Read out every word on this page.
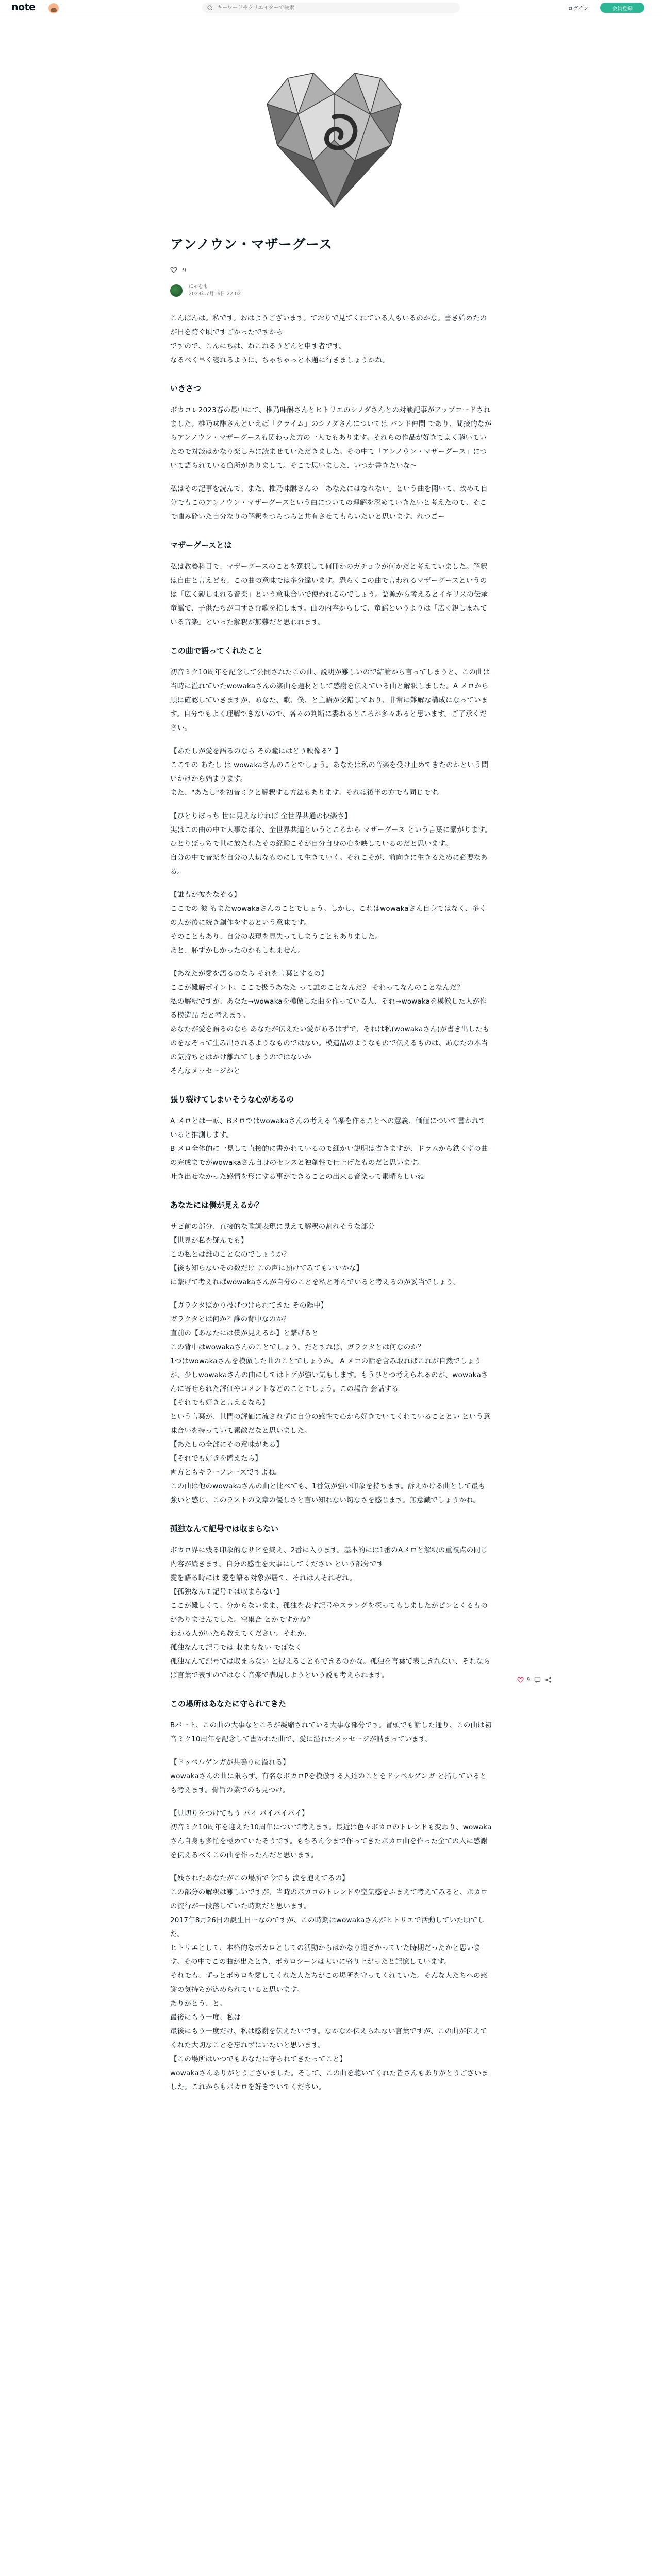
note
キーワードやクリエイターで検索	ログイン	会員登録
アンノウン・マザーグース
9
にゃむも
2023年7月16日 22:02
こんばんは。私です。おはようございます。ておりで見てくれている人もいるのかな。書き始めたのが日を跨ぐ頃ですごかったですから
ですので、こんにちは、ねこねるうどんと申す者です。
なるべく早く寝れるように、ちゃちゃっと本題に行きましょうかね。
いきさつ
ボカコレ2023春の最中にて、椎乃味醂さんとヒトリエのシノダさんとの対談記事がアップロードされました。椎乃味醂さんといえば「クライム」のシノダさんについては バンド仲間 であり、間接的ながらアンノウン・マザーグースも関わった方の一人でもあります。それらの作品が好きでよく聴いていたので対談はかなり楽しみに読ませていただきました。その中で「アンノウン・マザーグース」について語られている箇所がありまして。そこで思いました、いつか書きたいな〜
私はその記事を読んで、また、椎乃味醂さんの「あなたにはなれない」という曲を聞いて、改めて自分でもこのアンノウン・マザーグースという曲についての理解を深めていきたいと考えたので、そこで噛み砕いた自分なりの解釈をつらつらと共有させてもらいたいと思います。れつごー
マザーグースとは
私は教養科目で、マザーグースのことを選択して何冊かのガチョウが何かだと考えていました。解釈は自由と言えども、この曲の意味では多分違います。恐らくこの曲で言われるマザーグースというのは「広く親しまれる音楽」という意味合いで使われるのでしょう。語源から考えるとイギリスの伝承童謡で、子供たちが口ずさむ歌を指します。曲の内容からして、童謡というよりは「広く親しまれている音楽」といった解釈が無難だと思われます。
この曲で語ってくれたこと
初音ミク10周年を記念して公開されたこの曲、説明が難しいので結論から言ってしまうと、この曲は当時に溢れていたwowakaさんの楽曲を題材として感謝を伝えている曲と解釈しました。A メロから順に確認していきますが、あなた、歌、僕、と主語が交錯しており、非常に難解な構成になっています。自分でもよく理解できないので、各々の判断に委ねるところが多々あると思います。ご了承ください。
【あたしが愛を語るのなら その瞳にはどう映像る？】
ここでの あたし は wowakaさんのことでしょう。あなたは私の音楽を受け止めてきたのかという問いかけから始まります。
また、"あたし"を初音ミクと解釈する方法もあります。それは後半の方でも同じです。
【ひとりぼっち 世に見えなければ 全世界共通の快楽さ】
実はこの曲の中で大事な部分、全世界共通というところから マザーグース という言葉に繋がります。ひとりぼっちで世に放たれたその経験こそが自分自身の心を映しているのだと思います。
自分の中で音楽を自分の大切なものにして生きていく。それこそが、前向きに生きるために必要なある。
【誰もが彼をなぞる】
ここでの 彼 もまたwowakaさんのことでしょう。しかし、これはwowakaさん自身ではなく、多くの人が後に続き創作をするという意味です。
そのこともあり、自分の表現を見失ってしまうこともありました。
あと、恥ずかしかったのかもしれません。
【あなたが愛を語るのなら それを言葉とするの】
ここが難解ポイント。ここで扱うあなた って誰のことなんだ？ それってなんのことなんだ？
私の解釈ですが、あなた→wowakaを模倣した曲を作っている人、それ→wowakaを模倣した人が作る模造品 だと考えます。
あなたが愛を語るのなら あなたが伝えたい愛があるはずで、それは私(wowakaさん)が書き出したものをなぞって生み出されるようなものではない。模造品のようなもので伝えるものは、あなたの本当の気持ちとはかけ離れてしまうのではないか
そんなメッセージかと
張り裂けてしまいそうな心があるの
A メロとは一転、Bメロではwowakaさんの考える音楽を作ることへの意義、価値について書かれていると推測します。
B メロ全体的に一見して直接的に書かれているので細かい説明は省きますが、ドラムから鉄くずの曲の完成までがwowakaさん自身のセンスと独創性で仕上げたものだと思います。
吐き出せなかった感情を形にする事ができることの出来る音楽って素晴らしいね
あなたには僕が見えるか？
サビ前の部分、直接的な歌詞表現に見えて解釈の割れそうな部分
【世界が私を疑んでも】
この私とは誰のことなのでしょうか？
【後も知らないその数だけ この声に預けてみてもいいかな】
に繋げて考えればwowakaさんが自分のことを私と呼んでいると考えるのが妥当でしょう。
【ガラクタばかり投げつけられてきた その陽中】
ガラクタとは何か？誰の背中なのか？
直前の【あなたには僕が見えるか】と繋げると
この背中はwowakaさんのことでしょう。だとすれば、ガラクタとは何なのか？
1つはwowakaさんを模倣した曲のことでしょうか。 A メロの話を含み取ればこれが自然でしょうが、少しwowakaさんの曲にしてはトゲが強い気もします。もうひとつ考えられるのが、wowakaさんに寄せられた評価やコメントなどのことでしょう。この場合 会話する
【それでも好きと言えるなら】
という言葉が、世間の評価に流されずに自分の感性で心から好きでいてくれていることとい という意味合いを持っていて素敵だなと思いました。
【あたしの全部にその意味がある】
【それでも好きを贈えたら】
両方ともキラーフレーズですよね。
この曲は他のwowakaさんの曲と比べても、1番気が強い印象を持ちます。訴えかける曲として最も強いと感じ、このラストの文章の優しさと言い知れない切なさを感じます。無意識でしょうかね。
孤独なんて記号では収まらない
ボカロ界に残る印象的なサビを終え、2番に入ります。基本的には1番のAメロと解釈の重複点の同じ内容が続きます。自分の感性を大事にしてください という部分です
愛を語る時には 愛を語る対象が居て、それは人それぞれ。
【孤独なんて記号では収まらない】
ここが難しくて、分からないまま、孤独を表す記号やスラングを探ってもしましたがピンとくるものがありませんでした。空集合 とかですかね？
わかる人がいたら教えてください。それか、
孤独なんて記号では 収まらない でばなく
孤独なんて記号では収まらない と捉えることもできるのかな。孤独を言葉で表しきれない、それならば言葉で表すのではなく音楽で表現しようという説も考えられます。
この場所はあなたに守られてきた
Bパート、この曲の大事なところが凝縮されている大事な部分です。冒頭でも話した通り、この曲は初音ミク10周年を記念して書かれた曲で、愛に溢れたメッセージが詰まっています。
【ドッペルゲンガが共鳴りに溢れる】
wowakaさんの曲に限らず、有名なボカロPを模倣する人達のことをドッペルゲンガ と指しているとも考えます。骨旨の業でのも見つけ。
【見切りをつけてもう バイ バイバイバイ】
初音ミク10周年を迎えた10周年について考えます。最近は色々ボカロのトレンドも変わり、wowakaさん自身も多忙を極めていたそうです。もちろん今まで作ってきたボカロ曲を作った全ての人に感謝を伝えるべくこの曲を作ったんだと思います。
【残されたあなたがこの場所で今でも 涙を抱えてるの】
この部分の解釈は難しいですが、当時のボカロのトレンドや空気感をふまえて考えてみると、ボカロの流行が一段落していた時期だと思います。
2017年8月26日の誕生日ーなのですが、この時期はwowakaさんがヒトリエで活動していた頃でした。
ヒトリエとして、本格的なボカロとしての活動からはかなり遠ざかっていた時期だったかと思います。その中でこの曲が出たとき、ボカロシーンは大いに盛り上がったと記憶しています。
それでも、ずっとボカロを愛してくれた人たちがこの場所を守ってくれていた。そんな人たちへの感謝の気持ちが込められていると思います。
ありがとう、と。
最後にもう一度、私は
最後にもう一度だけ、私は感謝を伝えたいです。なかなか伝えられない言葉ですが、この曲が伝えてくれた大切なことを忘れずにいたいと思います。
【この場所はいつでもあなたに守られてきたってこと】
wowakaさんありがとうございました。そして、この曲を聴いてくれた皆さんもありがとうございました。これからもボカロを好きでいてください。
9
